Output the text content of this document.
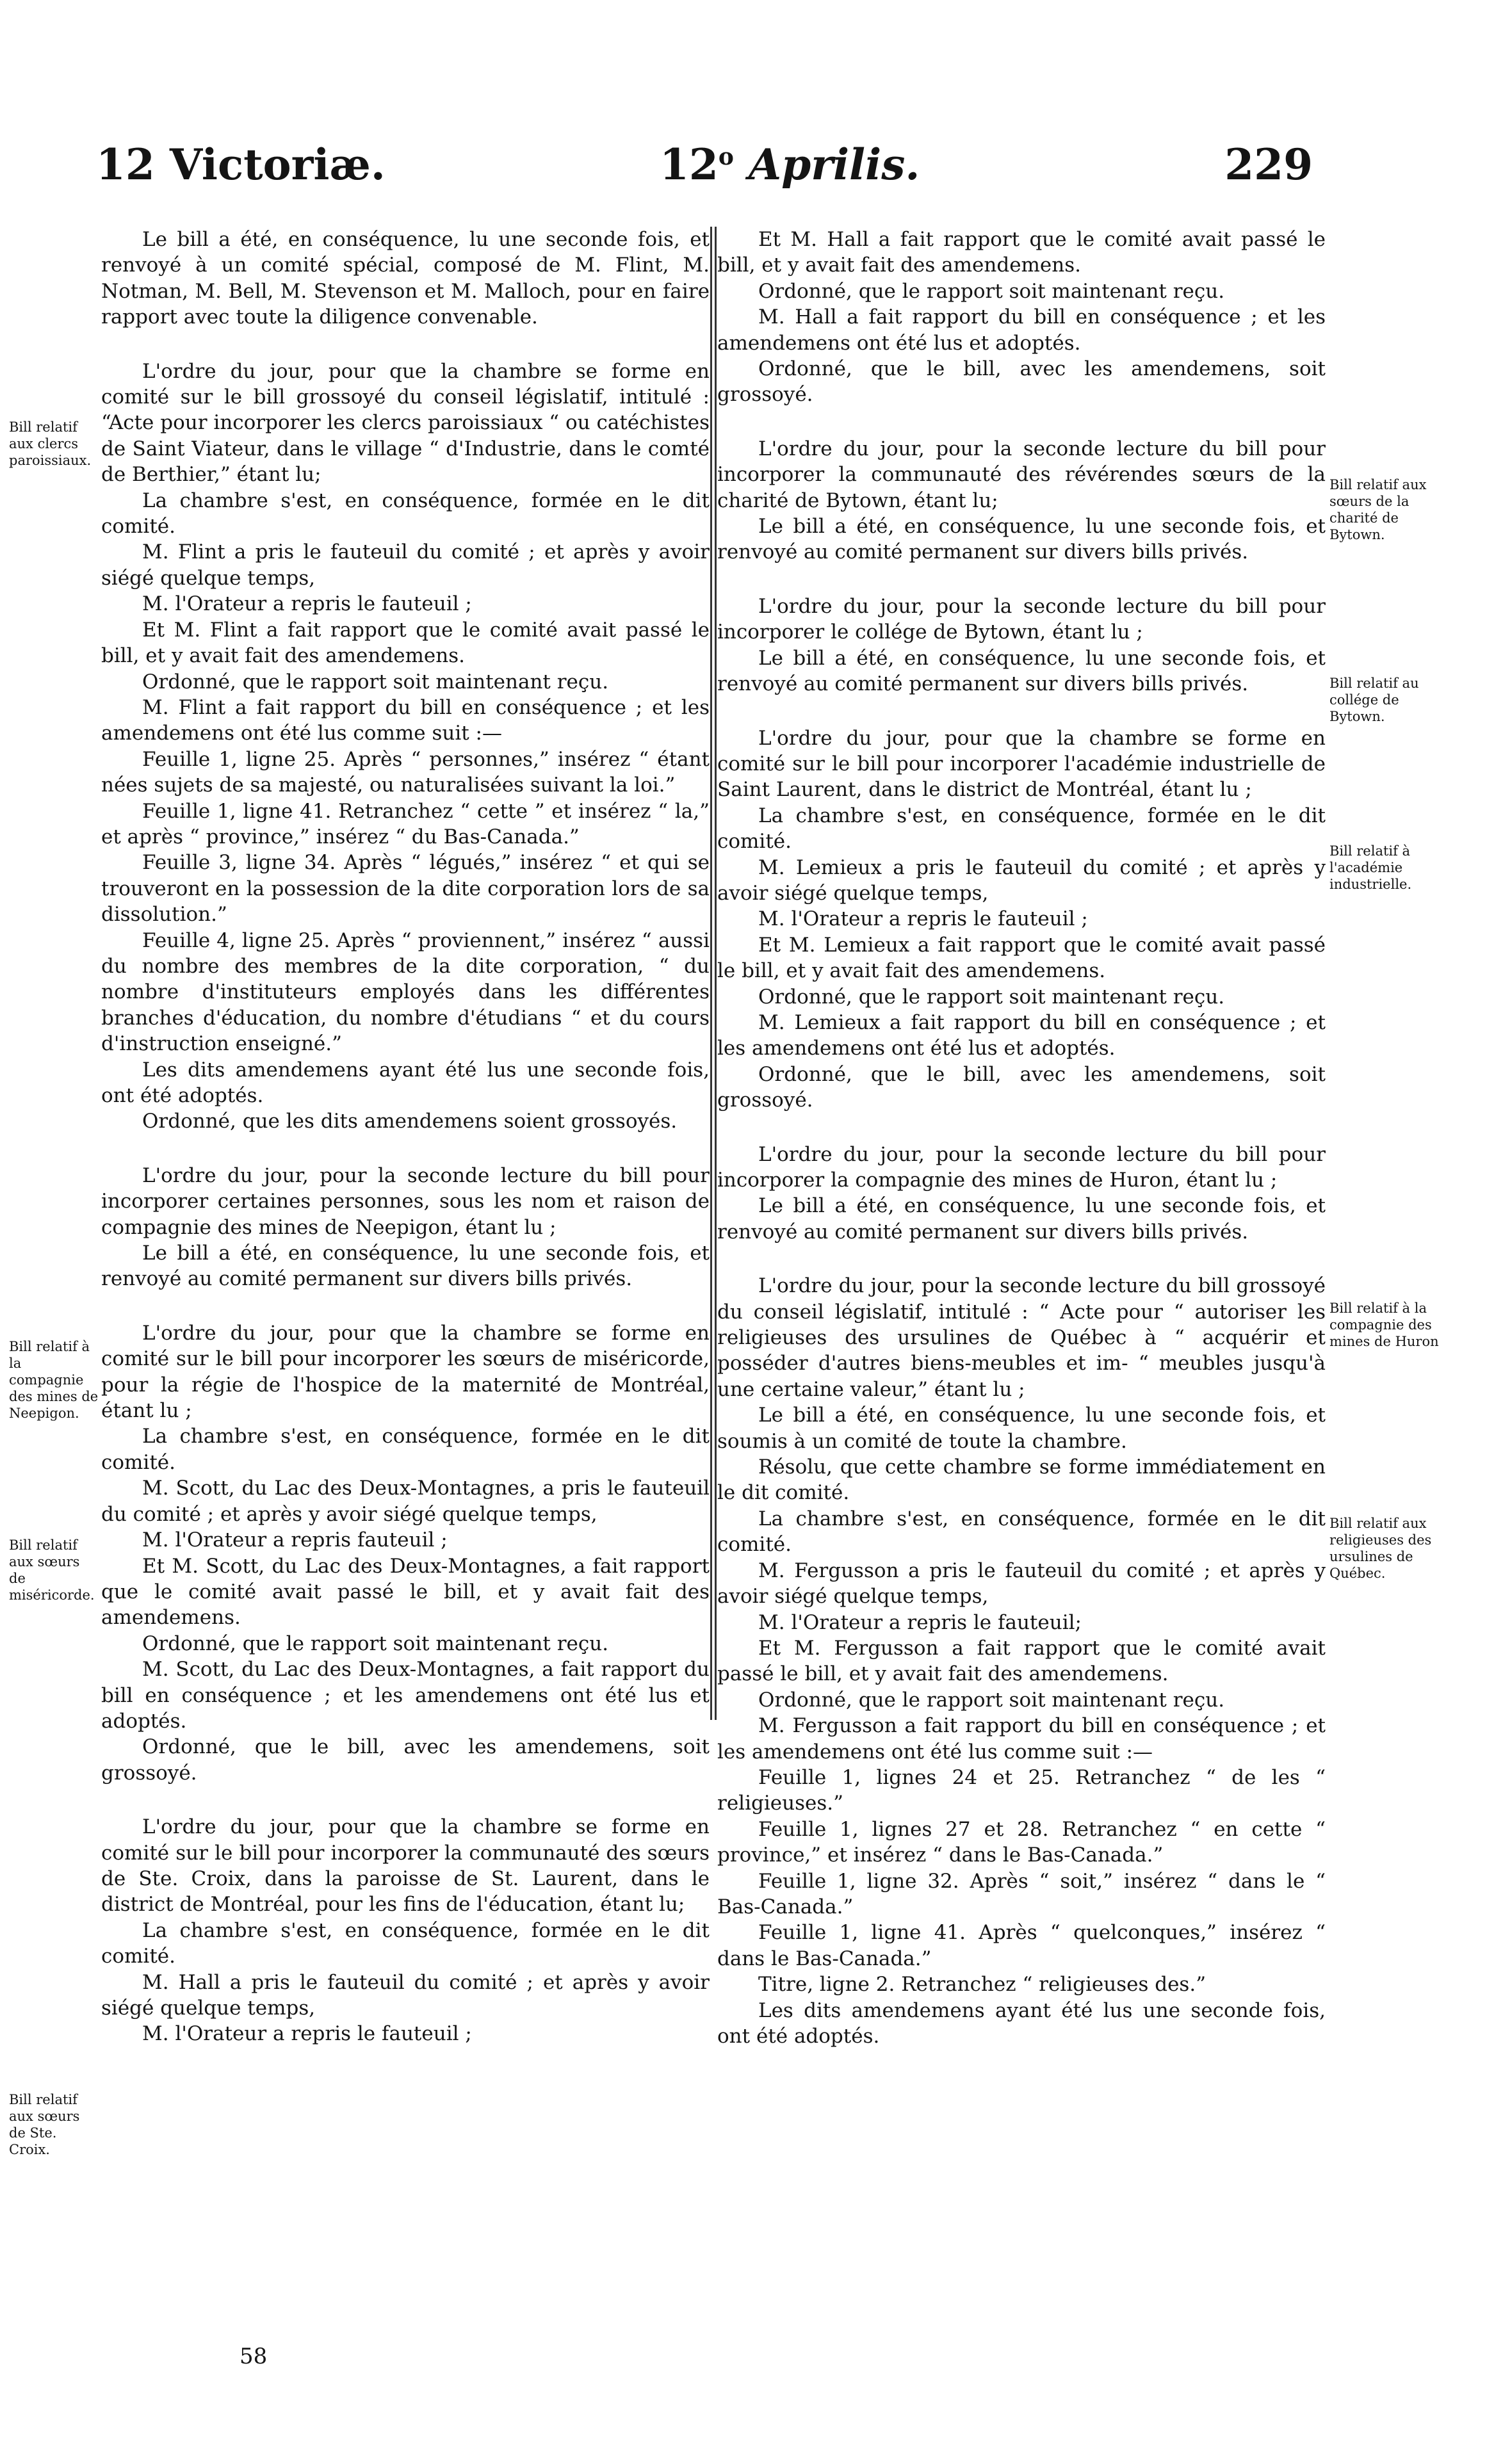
12 Victoriæ.	12$^o$ Aprilis.	229

Le bill a été, en conséquence, lu une seconde fois, et renvoyé à un comité spécial, composé de M. Flint, M. Notman, M. Bell, M. Stevenson et M. Malloch, pour en faire rapport avec toute la diligence convenable.

L'ordre du jour, pour que la chambre se forme en comité sur le bill grossoyé du conseil législatif, intitulé : “Acte pour incorporer les clercs paroissiaux “ ou catéchistes de Saint Viateur, dans le village “ d'Industrie, dans le comté de Berthier,” étant lu;

La chambre s'est, en conséquence, formée en le dit comité.

M. Flint a pris le fauteuil du comité ; et après y avoir siégé quelque temps,

M. l'Orateur a repris le fauteuil ;

Et M. Flint a fait rapport que le comité avait passé le bill, et y avait fait des amendemens.

Ordonné, que le rapport soit maintenant reçu.

M. Flint a fait rapport du bill en conséquence ; et les amendemens ont été lus comme suit :—

Feuille 1, ligne 25. Après “ personnes,” insérez “ étant nées sujets de sa majesté, ou naturalisées suivant la loi.”

Feuille 1, ligne 41. Retranchez “ cette ” et insérez “ la,” et après “ province,” insérez “ du Bas-Canada.”

Feuille 3, ligne 34. Après “ légués,” insérez “ et qui se trouveront en la possession de la dite corporation lors de sa dissolution.”

Feuille 4, ligne 25. Après “ proviennent,” insérez “ aussi du nombre des membres de la dite corporation, “ du nombre d'instituteurs employés dans les différentes branches d'éducation, du nombre d'étudians “ et du cours d'instruction enseigné.”

Les dits amendemens ayant été lus une seconde fois, ont été adoptés.

Ordonné, que les dits amendemens soient grossoyés.

L'ordre du jour, pour la seconde lecture du bill pour incorporer certaines personnes, sous les nom et raison de compagnie des mines de Neepigon, étant lu ;

Le bill a été, en conséquence, lu une seconde fois, et renvoyé au comité permanent sur divers bills privés.

L'ordre du jour, pour que la chambre se forme en comité sur le bill pour incorporer les sœurs de miséricorde, pour la régie de l'hospice de la maternité de Montréal, étant lu ;

La chambre s'est, en conséquence, formée en le dit comité.

M. Scott, du Lac des Deux-Montagnes, a pris le fauteuil du comité ; et après y avoir siégé quelque temps,

M. l'Orateur a repris fauteuil ;

Et M. Scott, du Lac des Deux-Montagnes, a fait rapport que le comité avait passé le bill, et y avait fait des amendemens.

Ordonné, que le rapport soit maintenant reçu.

M. Scott, du Lac des Deux-Montagnes, a fait rapport du bill en conséquence ; et les amendemens ont été lus et adoptés.

Ordonné, que le bill, avec les amendemens, soit grossoyé.

L'ordre du jour, pour que la chambre se forme en comité sur le bill pour incorporer la communauté des sœurs de Ste. Croix, dans la paroisse de St. Laurent, dans le district de Montréal, pour les fins de l'éducation, étant lu;

La chambre s'est, en conséquence, formée en le dit comité.

M. Hall a pris le fauteuil du comité ; et après y avoir siégé quelque temps,

M. l'Orateur a repris le fauteuil ;

Et M. Hall a fait rapport que le comité avait passé le bill, et y avait fait des amendemens.

Ordonné, que le rapport soit maintenant reçu.

M. Hall a fait rapport du bill en conséquence ; et les amendemens ont été lus et adoptés.

Ordonné, que le bill, avec les amendemens, soit grossoyé.

L'ordre du jour, pour la seconde lecture du bill pour incorporer la communauté des révérendes sœurs de la charité de Bytown, étant lu;

Le bill a été, en conséquence, lu une seconde fois, et renvoyé au comité permanent sur divers bills privés.

L'ordre du jour, pour la seconde lecture du bill pour incorporer le collége de Bytown, étant lu ;

Le bill a été, en conséquence, lu une seconde fois, et renvoyé au comité permanent sur divers bills privés.

L'ordre du jour, pour que la chambre se forme en comité sur le bill pour incorporer l'académie industrielle de Saint Laurent, dans le district de Montréal, étant lu ;

La chambre s'est, en conséquence, formée en le dit comité.

M. Lemieux a pris le fauteuil du comité ; et après y avoir siégé quelque temps,

M. l'Orateur a repris le fauteuil ;

Et M. Lemieux a fait rapport que le comité avait passé le bill, et y avait fait des amendemens.

Ordonné, que le rapport soit maintenant reçu.

M. Lemieux a fait rapport du bill en conséquence ; et les amendemens ont été lus et adoptés.

Ordonné, que le bill, avec les amendemens, soit grossoyé.

L'ordre du jour, pour la seconde lecture du bill pour incorporer la compagnie des mines de Huron, étant lu ;

Le bill a été, en conséquence, lu une seconde fois, et renvoyé au comité permanent sur divers bills privés.

L'ordre du jour, pour la seconde lecture du bill grossoyé du conseil législatif, intitulé : “ Acte pour “ autoriser les religieuses des ursulines de Québec à “ acquérir et posséder d'autres biens-meubles et im- “ meubles jusqu'à une certaine valeur,” étant lu ;

Le bill a été, en conséquence, lu une seconde fois, et soumis à un comité de toute la chambre.

Résolu, que cette chambre se forme immédiatement en le dit comité.

La chambre s'est, en conséquence, formée en le dit comité.

M. Fergusson a pris le fauteuil du comité ; et après y avoir siégé quelque temps,

M. l'Orateur a repris le fauteuil;

Et M. Fergusson a fait rapport que le comité avait passé le bill, et y avait fait des amendemens.

Ordonné, que le rapport soit maintenant reçu.

M. Fergusson a fait rapport du bill en conséquence ; et les amendemens ont été lus comme suit :—

Feuille 1, lignes 24 et 25. Retranchez “ de les “ religieuses.”

Feuille 1, lignes 27 et 28. Retranchez “ en cette “ province,” et insérez “ dans le Bas-Canada.”

Feuille 1, ligne 32. Après “ soit,” insérez “ dans le “ Bas-Canada.”

Feuille 1, ligne 41. Après “ quelconques,” insérez “ dans le Bas-Canada.”

Titre, ligne 2. Retranchez “ religieuses des.”

Les dits amendemens ayant été lus une seconde fois, ont été adoptés.

Bill relatif aux clercs paroissiaux.
Bill relatif à la compagnie des mines de Neepigon.
Bill relatif aux sœurs de miséricorde.
Bill relatif aux sœurs de Ste. Croix.
Bill relatif aux sœurs de la charité de Bytown.
Bill relatif au collége de Bytown.
Bill relatif à l'académie industrielle.
Bill relatif à la compagnie des mines de Huron
Bill relatif aux religieuses des ursulines de Québec.
58
